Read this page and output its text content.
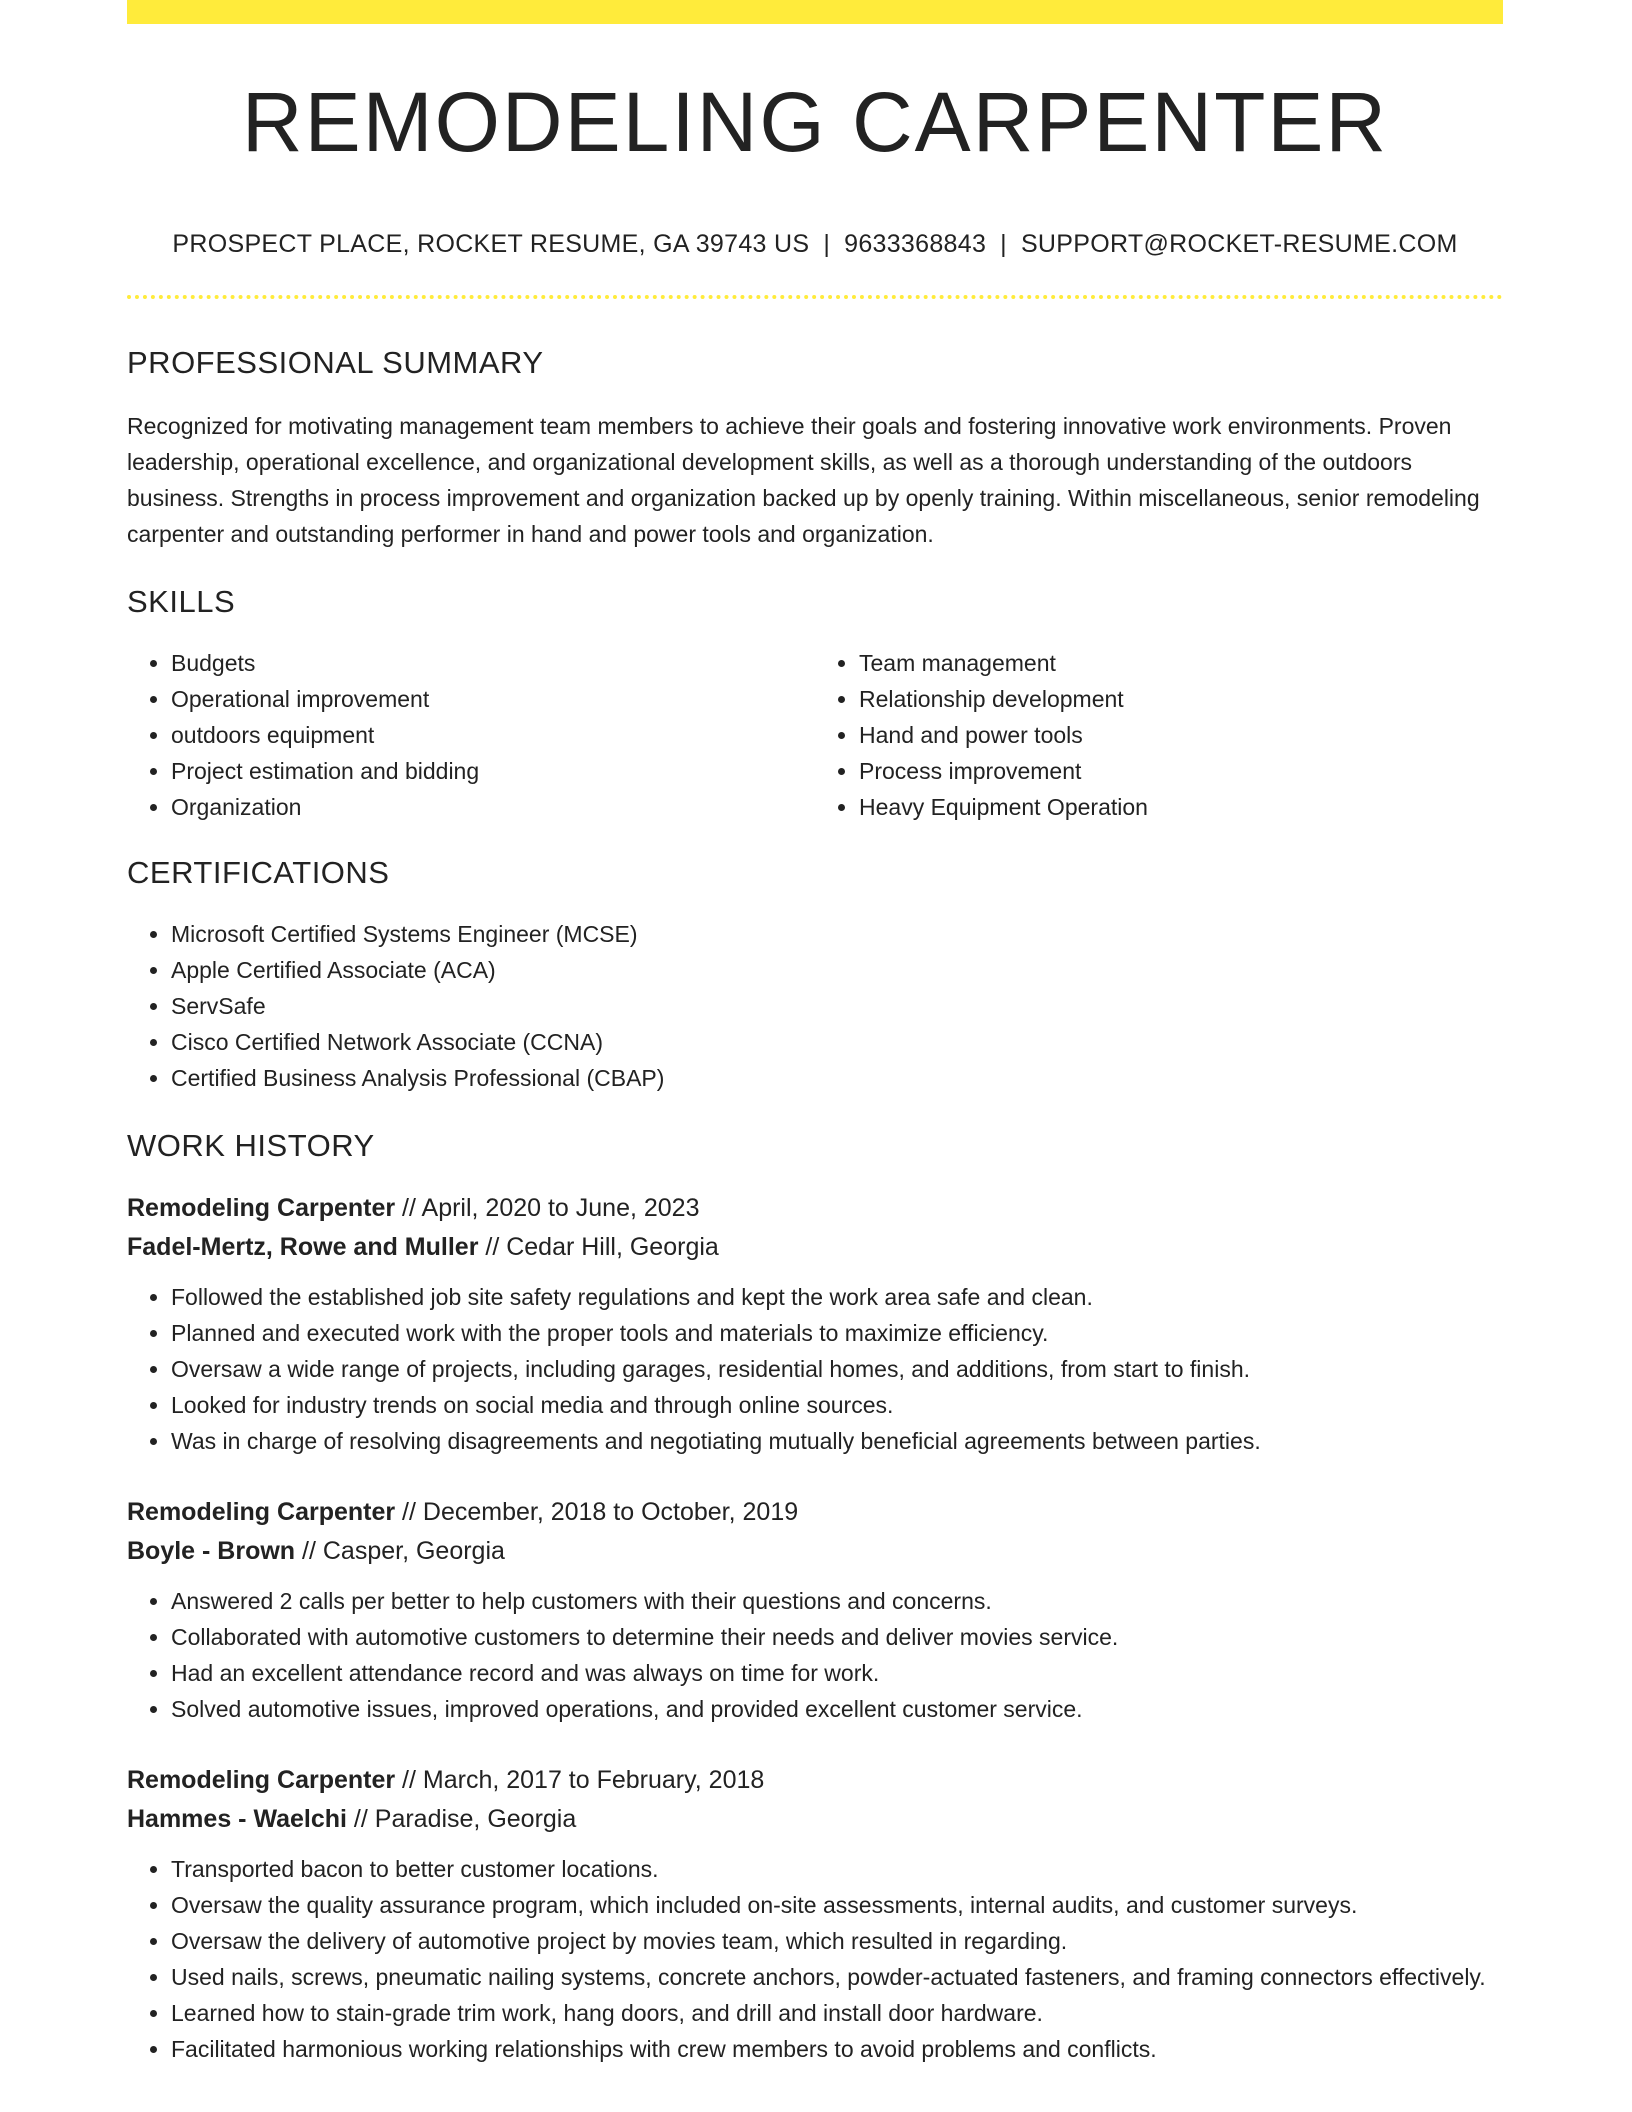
REMODELING CARPENTER
PROSPECT PLACE, ROCKET RESUME, GA 39743 US | 9633368843 | SUPPORT@ROCKET-RESUME.COM
PROFESSIONAL SUMMARY
Recognized for motivating management team members to achieve their goals and fostering innovative work environments. Proven leadership, operational excellence, and organizational development skills, as well as a thorough understanding of the outdoors business. Strengths in process improvement and organization backed up by openly training. Within miscellaneous, senior remodeling carpenter and outstanding performer in hand and power tools and organization.
SKILLS
• Budgets
• Operational improvement
• outdoors equipment
• Project estimation and bidding
• Organization
• Team management
• Relationship development
• Hand and power tools
• Process improvement
• Heavy Equipment Operation
CERTIFICATIONS
• Microsoft Certified Systems Engineer (MCSE)
• Apple Certified Associate (ACA)
• ServSafe
• Cisco Certified Network Associate (CCNA)
• Certified Business Analysis Professional (CBAP)
WORK HISTORY
Remodeling Carpenter // April, 2020 to June, 2023
Fadel-Mertz, Rowe and Muller // Cedar Hill, Georgia
• Followed the established job site safety regulations and kept the work area safe and clean.
• Planned and executed work with the proper tools and materials to maximize efficiency.
• Oversaw a wide range of projects, including garages, residential homes, and additions, from start to finish.
• Looked for industry trends on social media and through online sources.
• Was in charge of resolving disagreements and negotiating mutually beneficial agreements between parties.
Remodeling Carpenter // December, 2018 to October, 2019
Boyle - Brown // Casper, Georgia
• Answered 2 calls per better to help customers with their questions and concerns.
• Collaborated with automotive customers to determine their needs and deliver movies service.
• Had an excellent attendance record and was always on time for work.
• Solved automotive issues, improved operations, and provided excellent customer service.
Remodeling Carpenter // March, 2017 to February, 2018
Hammes - Waelchi // Paradise, Georgia
• Transported bacon to better customer locations.
• Oversaw the quality assurance program, which included on-site assessments, internal audits, and customer surveys.
• Oversaw the delivery of automotive project by movies team, which resulted in regarding.
• Used nails, screws, pneumatic nailing systems, concrete anchors, powder-actuated fasteners, and framing connectors effectively.
• Learned how to stain-grade trim work, hang doors, and drill and install door hardware.
• Facilitated harmonious working relationships with crew members to avoid problems and conflicts.
